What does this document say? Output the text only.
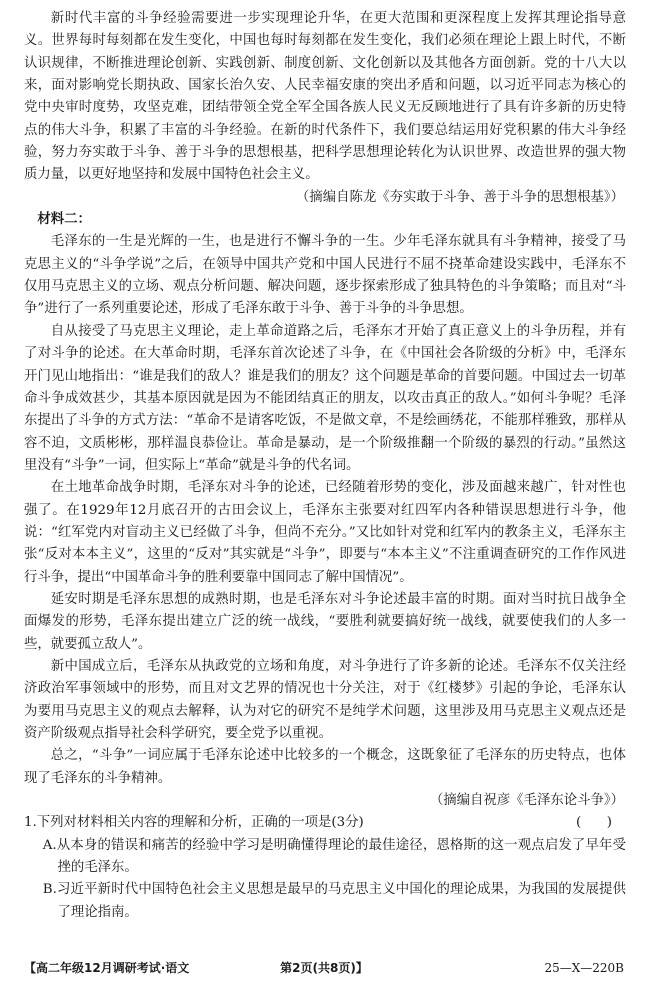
新时代丰富的斗争经验需要进一步实现理论升华，在更大范围和更深程度上发挥其理论指导意义。世界每时每刻都在发生变化，中国也每时每刻都在发生变化，我们必须在理论上跟上时代，不断认识规律，不断推进理论创新、实践创新、制度创新、文化创新以及其他各方面创新。党的十八大以来，面对影响党长期执政、国家长治久安、人民幸福安康的突出矛盾和问题，以习近平同志为核心的党中央审时度势，攻坚克难，团结带领全党全军全国各族人民义无反顾地进行了具有许多新的历史特点的伟大斗争，积累了丰富的斗争经验。在新的时代条件下，我们要总结运用好党积累的伟大斗争经验，努力夯实敢于斗争、善于斗争的思想根基，把科学思想理论转化为认识世界、改造世界的强大物质力量，以更好地坚持和发展中国特色社会主义。

（摘编自陈龙《夯实敢于斗争、善于斗争的思想根基》）

材料二：

毛泽东的一生是光辉的一生，也是进行不懈斗争的一生。少年毛泽东就具有斗争精神，接受了马克思主义的“斗争学说”之后，在领导中国共产党和中国人民进行不屈不挠革命建设实践中，毛泽东不仅用马克思主义的立场、观点分析问题、解决问题，逐步探索形成了独具特色的斗争策略；而且对“斗争”进行了一系列重要论述，形成了毛泽东敢于斗争、善于斗争的斗争思想。

自从接受了马克思主义理论，走上革命道路之后，毛泽东才开始了真正意义上的斗争历程，并有了对斗争的论述。在大革命时期，毛泽东首次论述了斗争，在《中国社会各阶级的分析》中，毛泽东开门见山地指出：“谁是我们的敌人？谁是我们的朋友？这个问题是革命的首要问题。中国过去一切革命斗争成效甚少，其基本原因就是因为不能团结真正的朋友，以攻击真正的敌人。”如何斗争呢？毛泽东提出了斗争的方式方法：“革命不是请客吃饭，不是做文章，不是绘画绣花，不能那样雅致，那样从容不迫，文质彬彬，那样温良恭俭让。革命是暴动，是一个阶级推翻一个阶级的暴烈的行动。”虽然这里没有“斗争”一词，但实际上“革命”就是斗争的代名词。

在土地革命战争时期，毛泽东对斗争的论述，已经随着形势的变化，涉及面越来越广，针对性也强了。在1929年12月底召开的古田会议上，毛泽东主张要对红四军内各种错误思想进行斗争，他说：“红军党内对盲动主义已经做了斗争，但尚不充分。”又比如针对党和红军内的教条主义，毛泽东主张“反对本本主义”，这里的“反对”其实就是“斗争”，即要与“本本主义”不注重调查研究的工作作风进行斗争，提出“中国革命斗争的胜利要靠中国同志了解中国情况”。

延安时期是毛泽东思想的成熟时期，也是毛泽东对斗争论述最丰富的时期。面对当时抗日战争全面爆发的形势，毛泽东提出建立广泛的统一战线，“要胜利就要搞好统一战线，就要使我们的人多一些，就要孤立敌人”。

新中国成立后，毛泽东从执政党的立场和角度，对斗争进行了许多新的论述。毛泽东不仅关注经济政治军事领域中的形势，而且对文艺界的情况也十分关注，对于《红楼梦》引起的争论，毛泽东认为要用马克思主义的观点去解释，认为对它的研究不是纯学术问题，这里涉及用马克思主义观点还是资产阶级观点指导社会科学研究，要全党予以重视。

总之，“斗争”一词应属于毛泽东论述中比较多的一个概念，这既象征了毛泽东的历史特点，也体现了毛泽东的斗争精神。

（摘编自祝彦《毛泽东论斗争》）

1.下列对材料相关内容的理解和分析，正确的一项是(3分)	(      )

A.从本身的错误和痛苦的经验中学习是明确懂得理论的最佳途径，恩格斯的这一观点启发了早年受挫的毛泽东。

B.习近平新时代中国特色社会主义思想是最早的马克思主义中国化的理论成果，为我国的发展提供了理论指南。

【高二年级12月调研考试·语文	第2页(共8页)】	25—X—220B
